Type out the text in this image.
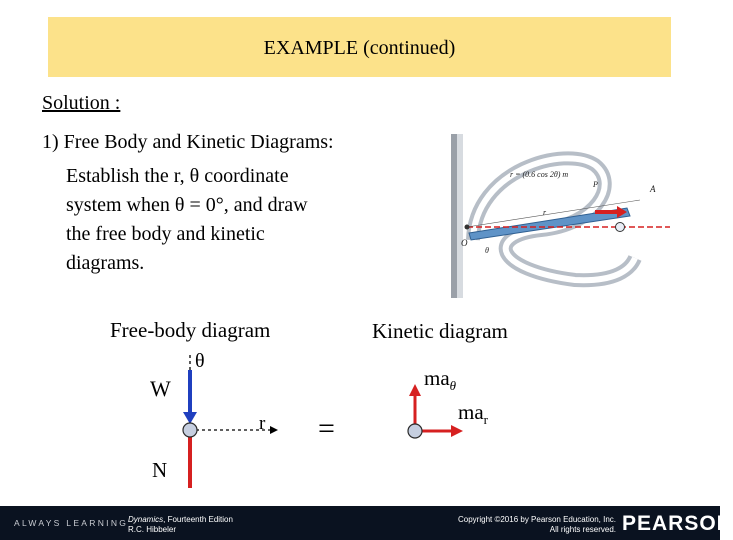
EXAMPLE (continued)
Solution :
1) Free Body and Kinetic Diagrams:
Establish the r, θ coordinate
system when θ = 0°, and draw
the free body and kinetic
diagrams.
r = (0.6 cos 2θ) m
A
P
r
O
θ
Free-body diagram	Kinetic diagram
θ
r
W
N
=
$ma_\theta$
$ma_r$
ALWAYS LEARNING Dynamics, Fourteenth Edition
R.C. Hibbeler
Copyright ©2016 by Pearson Education, Inc.
All rights reserved. PEARSON
